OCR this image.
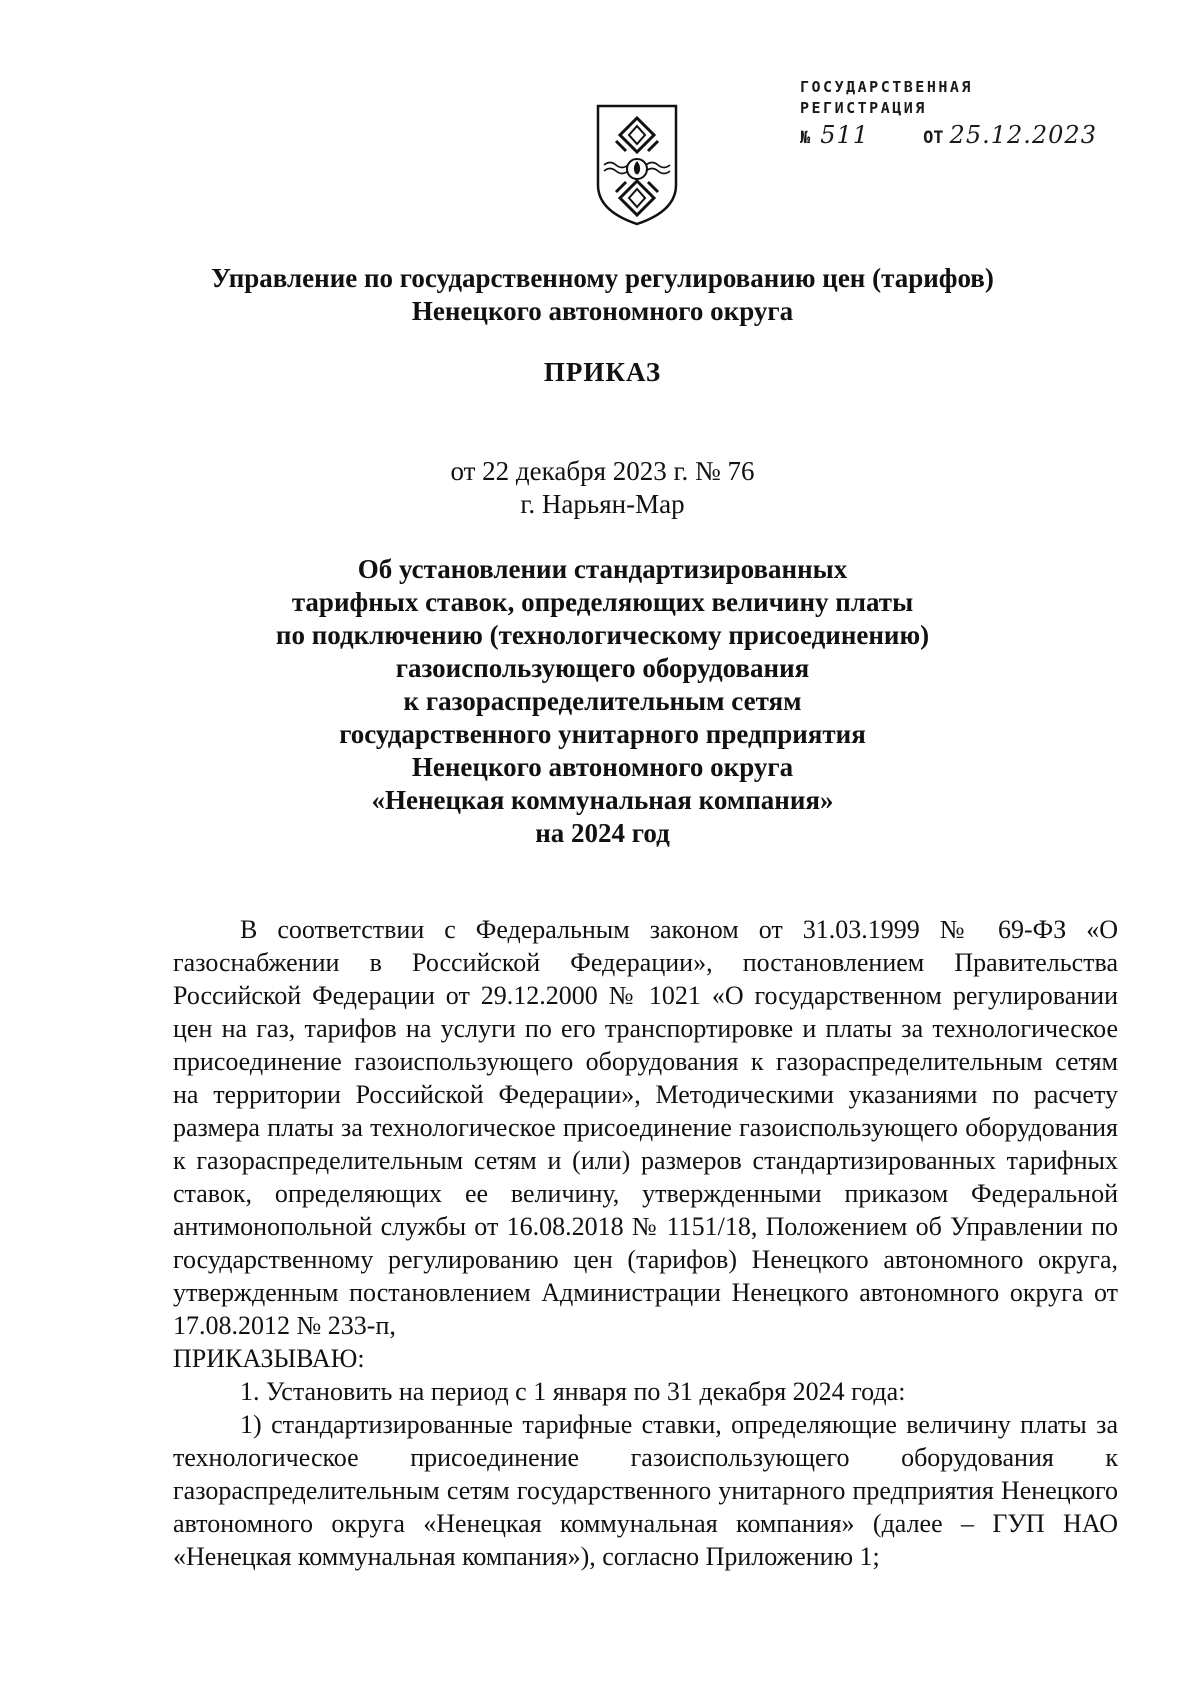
ГОСУДАРСТВЕННАЯ
РЕГИСТРАЦИЯ
№ 511	ОТ 25.12.2023
Управление по государственному регулированию цен (тарифов)
Ненецкого автономного округа
ПРИКАЗ
от 22 декабря 2023 г. № 76
г. Нарьян-Мар
Об установлении стандартизированных
тарифных ставок, определяющих величину платы
по подключению (технологическому присоединению)
газоиспользующего оборудования
к газораспределительным сетям
государственного унитарного предприятия
Ненецкого автономного округа
«Ненецкая коммунальная компания»
на 2024 год

В соответствии с Федеральным законом от 31.03.1999 № 69-ФЗ «О газоснабжении в Российской Федерации», постановлением Правительства Российской Федерации от 29.12.2000 № 1021 «О государственном регулировании цен на газ, тарифов на услуги по его транспортировке и платы за технологическое присоединение газоиспользующего оборудования к газораспределительным сетям на территории Российской Федерации», Методическими указаниями по расчету размера платы за технологическое присоединение газоиспользующего оборудования к газораспределительным сетям и (или) размеров стандартизированных тарифных ставок, определяющих ее величину, утвержденными приказом Федеральной антимонопольной службы от 16.08.2018 № 1151/18, Положением об Управлении по государственному регулированию цен (тарифов) Ненецкого автономного округа, утвержденным постановлением Администрации Ненецкого автономного округа от 17.08.2012 № 233-п,

ПРИКАЗЫВАЮ:

1. Установить на период с 1 января по 31 декабря 2024 года:

1) стандартизированные тарифные ставки, определяющие величину платы за технологическое присоединение газоиспользующего оборудования к газораспределительным сетям государственного унитарного предприятия Ненецкого автономного округа «Ненецкая коммунальная компания» (далее – ГУП НАО «Ненецкая коммунальная компания»), согласно Приложению 1;
